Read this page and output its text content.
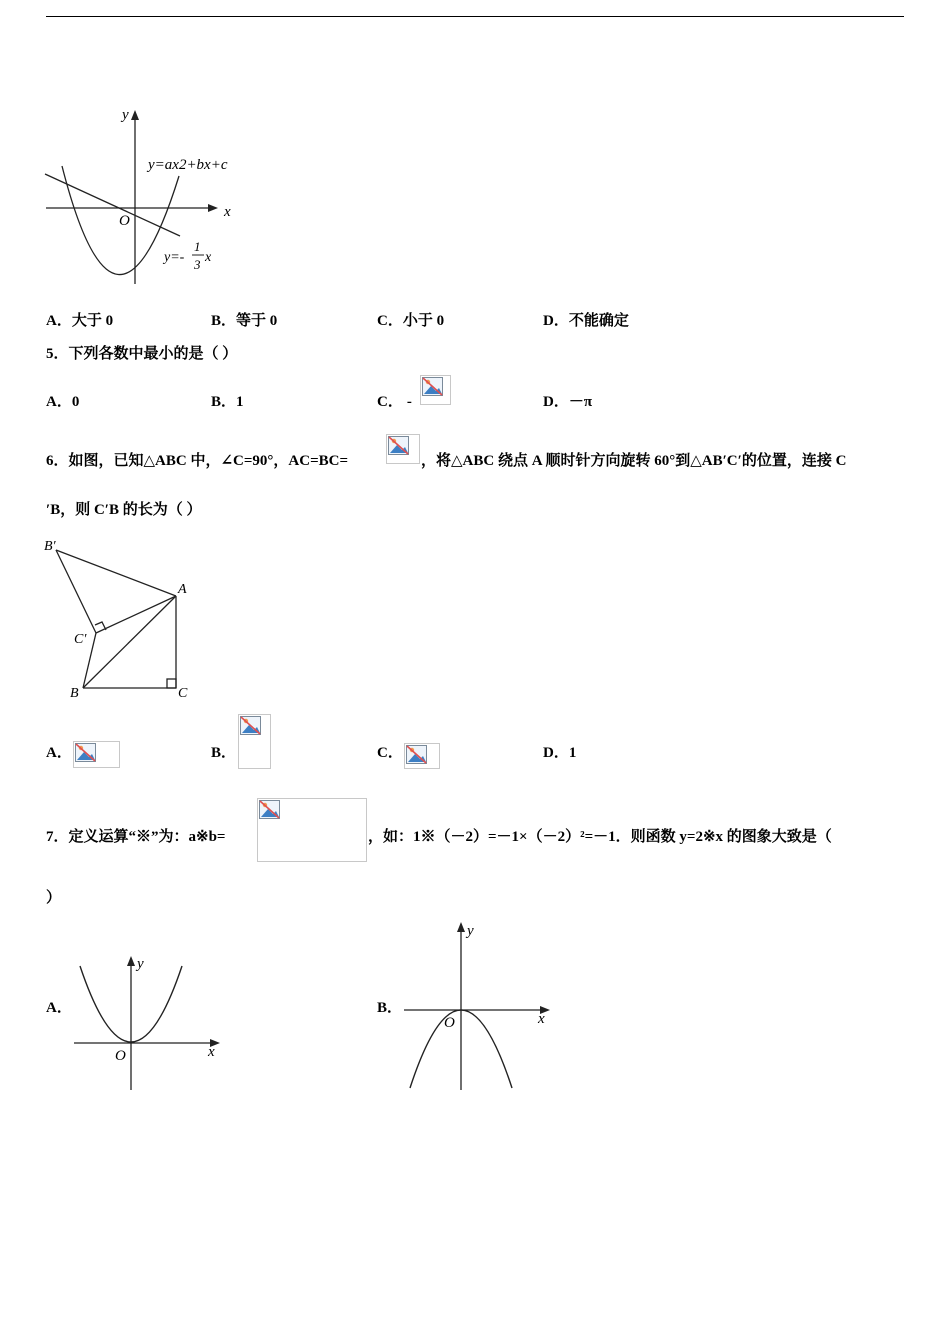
y
x
O
y=ax2+bx+c
y=-
1
3 x
A．大于 0	B．等于 0	C．小于 0	D．不能确定
5．下列各数中最小的是（ ）
A．0	B．1	C． -	D．－π
6．如图，已知△ABC 中，∠C=90°，AC=BC=	，将△ABC 绕点 A 顺时针方向旋转 60°到△AB′C′的位置，连接 C
′B，则 C′B 的长为（ ）
B′
A
C′
B	C
A．	B．	C．	D．1
7．定义运算“※”为：a※b=	，如：1※（－2）=－1×（－2）²=－1．则函数 y=2※x 的图象大致是（
）
A．
y
x
O
B．
y
x
O
